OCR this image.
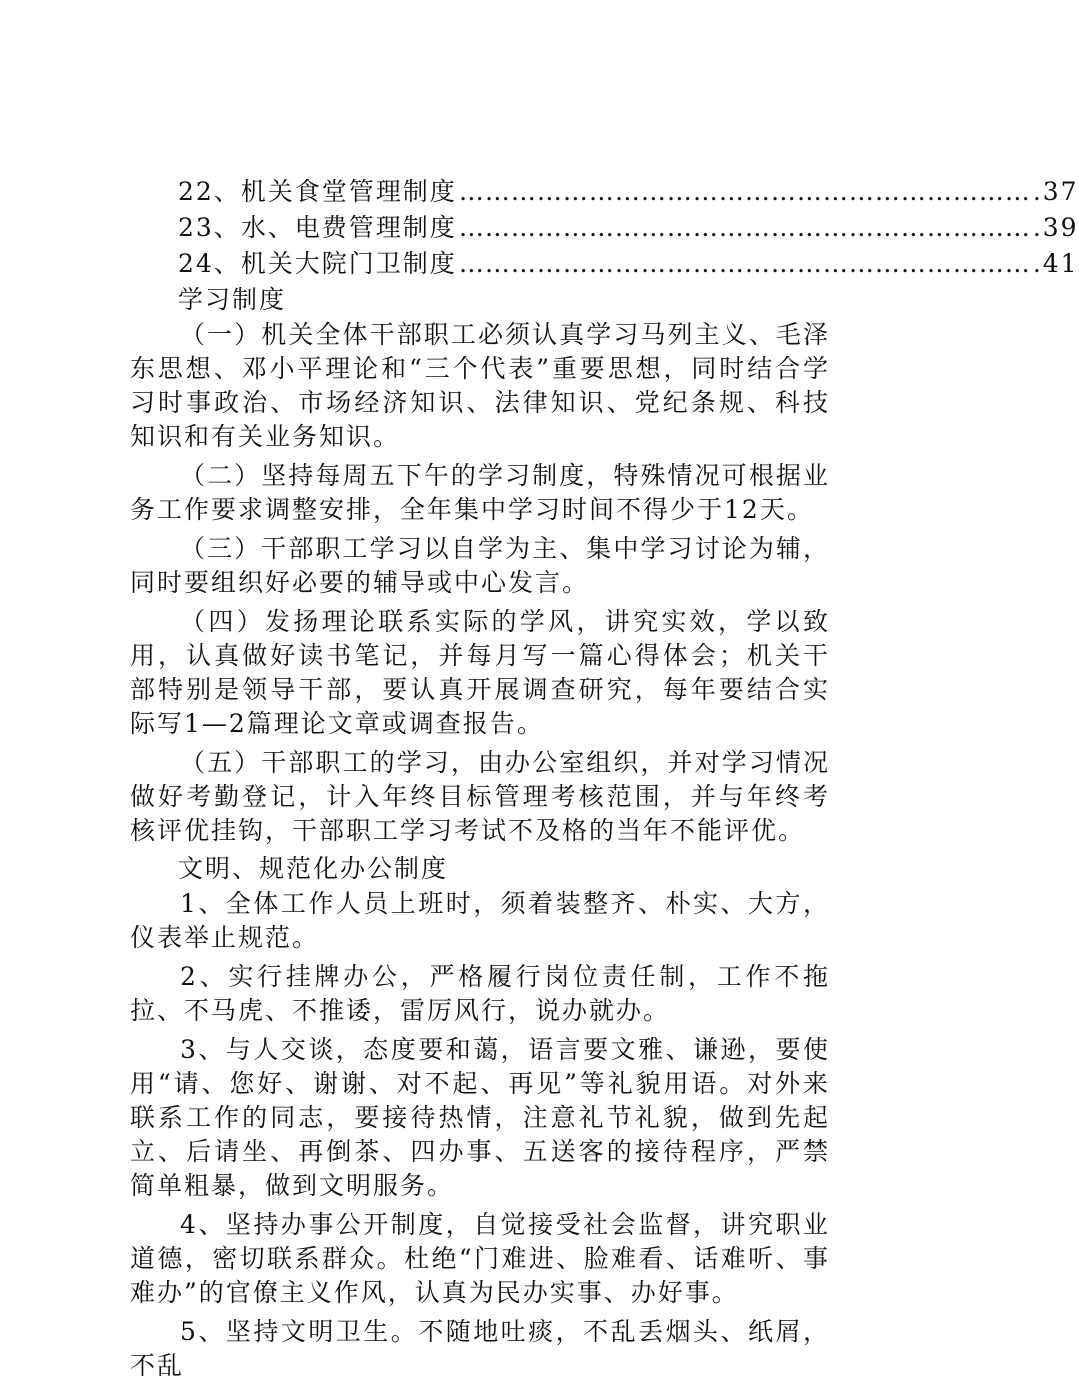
22、机关食堂管理制度 ………………………………………………………… .37
23、水、电费管理制度 ………………………………………………………… .39
24、机关大院门卫制度 ………………………………………………………… .41
学习制度

（一）机关全体干部职工必须认真学习马列主义、毛泽东思想、邓小平理论和“三个代表”重要思想，同时结合学习时事政治、市场经济知识、法律知识、党纪条规、科技知识和有关业务知识。

（二）坚持每周五下午的学习制度，特殊情况可根据业务工作要求调整安排，全年集中学习时间不得少于12天。

（三）干部职工学习以自学为主、集中学习讨论为辅，同时要组织好必要的辅导或中心发言。

（四）发扬理论联系实际的学风，讲究实效，学以致用，认真做好读书笔记，并每月写一篇心得体会；机关干部特别是领导干部，要认真开展调查研究，每年要结合实际写1—2篇理论文章或调查报告。

（五）干部职工的学习，由办公室组织，并对学习情况做好考勤登记，计入年终目标管理考核范围，并与年终考核评优挂钩，干部职工学习考试不及格的当年不能评优。

文明、规范化办公制度

1、全体工作人员上班时，须着装整齐、朴实、大方，仪表举止规范。

2、实行挂牌办公，严格履行岗位责任制，工作不拖拉、不马虎、不推诿，雷厉风行，说办就办。

3、与人交谈，态度要和蔼，语言要文雅、谦逊，要使用“请、您好、谢谢、对不起、再见”等礼貌用语。对外来联系工作的同志，要接待热情，注意礼节礼貌，做到先起立、后请坐、再倒茶、四办事、五送客的接待程序，严禁简单粗暴，做到文明服务。

4、坚持办事公开制度，自觉接受社会监督，讲究职业道德，密切联系群众。杜绝“门难进、脸难看、话难听、事难办”的官僚主义作风，认真为民办实事、办好事。

5、坚持文明卫生。不随地吐痰，不乱丢烟头、纸屑，不乱
